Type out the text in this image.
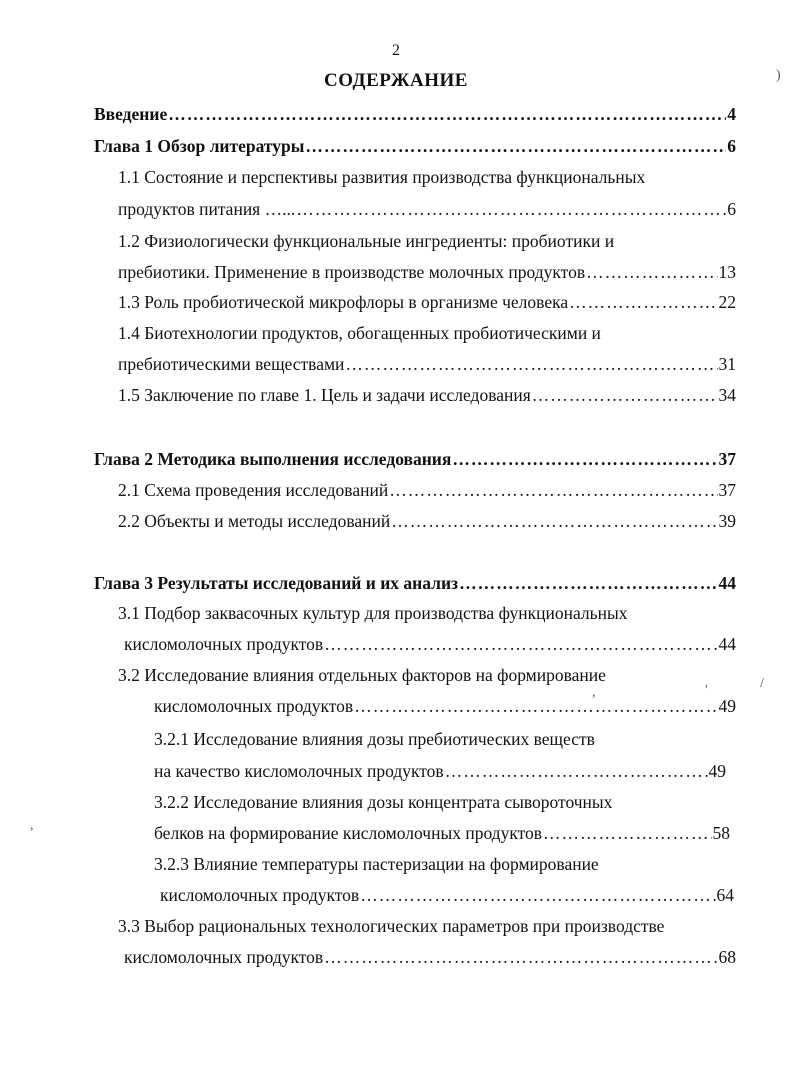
2
СОДЕРЖАНИЕ
Введение …………………………………………………………………………………………………………………………………………………………………………………	4
Глава 1 Обзор литературы …………………………………………………………………………………………………………………………………………………………………………………	6
1.1 Состояние и перспективы развития производства функциональных
продуктов питания …... …………………………………………………………………………………………………………………………………………………………………………………	6
1.2 Физиологически функциональные ингредиенты: пробиотики и
пребиотики. Применение в производстве молочных продуктов …………………………………………………………………………………………………………………………………………………………………………………	13
1.3 Роль пробиотической микрофлоры в организме человека …………………………………………………………………………………………………………………………………………………………………………………	22
1.4 Биотехнологии продуктов, обогащенных пробиотическими и
пребиотическими веществами …………………………………………………………………………………………………………………………………………………………………………………	31
1.5 Заключение по главе 1. Цель и задачи исследования …………………………………………………………………………………………………………………………………………………………………………………	34
Глава 2 Методика выполнения исследования …………………………………………………………………………………………………………………………………………………………………………………	37
2.1 Схема проведения исследований …………………………………………………………………………………………………………………………………………………………………………………	37
2.2 Объекты и методы исследований …………………………………………………………………………………………………………………………………………………………………………………	39
Глава 3 Результаты исследований и их анализ …………………………………………………………………………………………………………………………………………………………………………………	44
3.1 Подбор заквасочных культур для производства функциональных
кисломолочных продуктов …………………………………………………………………………………………………………………………………………………………………………………	44
3.2 Исследование влияния отдельных факторов на формирование
кисломолочных продуктов …………………………………………………………………………………………………………………………………………………………………………………	49
3.2.1 Исследование влияния дозы пребиотических веществ
на качество кисломолочных продуктов …………………………………………………………………………………………………………………………………………………………………………………	49
3.2.2 Исследование влияния дозы концентрата сывороточных
белков на формирование кисломолочных продуктов …………………………………………………………………………………………………………………………………………………………………………………	58
3.2.3 Влияние температуры пастеризации на формирование
кисломолочных продуктов …………………………………………………………………………………………………………………………………………………………………………………	64
3.3 Выбор рациональных технологических параметров при производстве
кисломолочных продуктов …………………………………………………………………………………………………………………………………………………………………………………	68
)
/
,	'
,
